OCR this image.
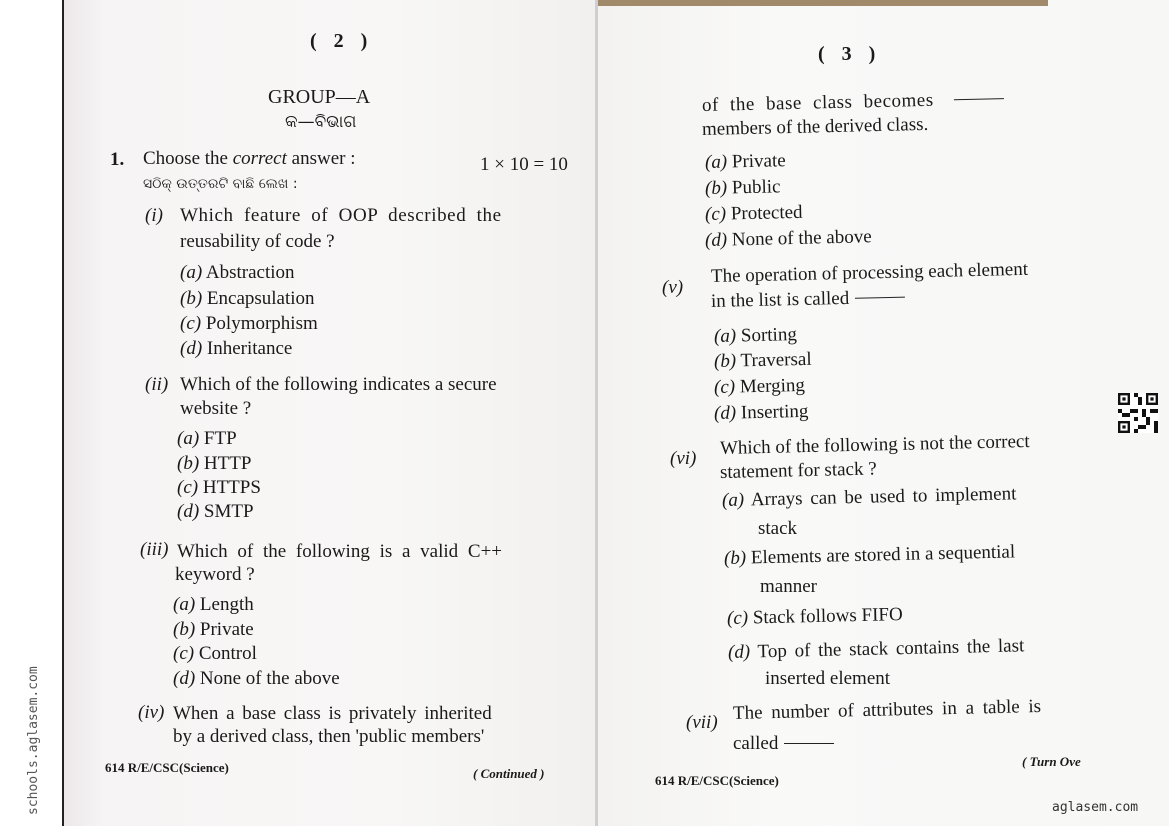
schools.aglasem.com
( 2 )
GROUP—A
କ—ବିଭାଗ
1. Choose the correct answer :	1 × 10 = 10
ସଠିକ୍ ଉତ୍ତରଟି ବାଛି ଲେଖ :
(i) Which feature of OOP described the
reusability of code ?
(a) Abstraction
(b) Encapsulation
(c) Polymorphism
(d) Inheritance
(ii) Which of the following indicates a secure
website ?
(a) FTP
(b) HTTP
(c) HTTPS
(d) SMTP
(iii) Which of the following is a valid C++
keyword ?
(a) Length
(b) Private
(c) Control
(d) None of the above
(iv) When a base class is privately inherited
by a derived class, then 'public members'
614 R/E/CSC(Science)	( Continued )
( 3 )
of the base class becomes
members of the derived class.
(a) Private
(b) Public
(c) Protected
(d) None of the above
(v)
The operation of processing each element
in the list is called
(a) Sorting
(b) Traversal
(c) Merging
(d) Inserting
(vi) Which of the following is not the correct
statement for stack ?
(a) Arrays can be used to implement
stack
(b) Elements are stored in a sequential
manner
(c) Stack follows FIFO
(d) Top of the stack contains the last
inserted element
(vii) The number of attributes in a table is
called
614 R/E/CSC(Science)
( Turn Ove
aglasem.com
